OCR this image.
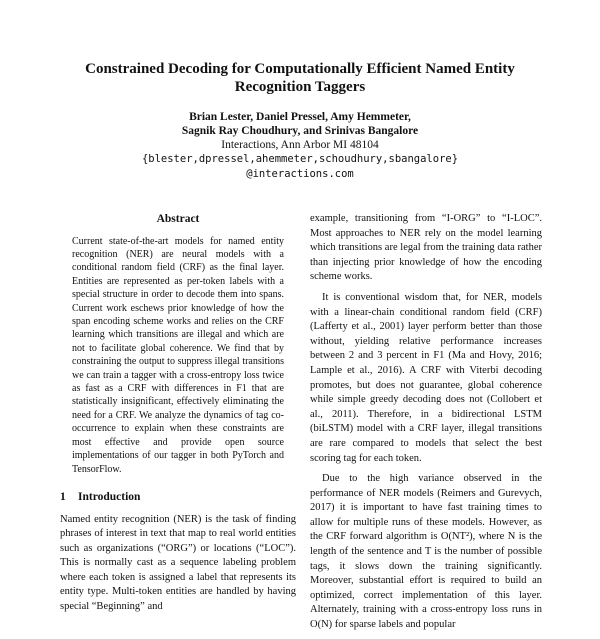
Constrained Decoding for Computationally Efficient Named Entity Recognition Taggers
Brian Lester, Daniel Pressel, Amy Hemmeter,
Sagnik Ray Choudhury, and Srinivas Bangalore
Interactions, Ann Arbor MI 48104
{blester,dpressel,ahemmeter,schoudhury,sbangalore}
@interactions.com
Abstract
Current state-of-the-art models for named entity recognition (NER) are neural models with a conditional random field (CRF) as the final layer. Entities are represented as per-token labels with a special structure in order to decode them into spans. Current work eschews prior knowledge of how the span encoding scheme works and relies on the CRF learning which transitions are illegal and which are not to facilitate global coherence. We find that by constraining the output to suppress illegal transitions we can train a tagger with a cross-entropy loss twice as fast as a CRF with differences in F1 that are statistically insignificant, effectively eliminating the need for a CRF. We analyze the dynamics of tag co-occurrence to explain when these constraints are most effective and provide open source implementations of our tagger in both PyTorch and TensorFlow.
1 Introduction

Named entity recognition (NER) is the task of finding phrases of interest in text that map to real world entities such as organizations (“ORG”) or locations (“LOC”). This is normally cast as a sequence labeling problem where each token is assigned a label that represents its entity type. Multi-token entities are handled by having special “Beginning” and

example, transitioning from “I-ORG” to “I-LOC”. Most approaches to NER rely on the model learning which transitions are legal from the training data rather than injecting prior knowledge of how the encoding scheme works.

It is conventional wisdom that, for NER, models with a linear-chain conditional random field (CRF) (Lafferty et al., 2001) layer perform better than those without, yielding relative performance increases between 2 and 3 percent in F1 (Ma and Hovy, 2016; Lample et al., 2016). A CRF with Viterbi decoding promotes, but does not guarantee, global coherence while simple greedy decoding does not (Collobert et al., 2011). Therefore, in a bidirectional LSTM (biLSTM) model with a CRF layer, illegal transitions are rare compared to models that select the best scoring tag for each token.

Due to the high variance observed in the performance of NER models (Reimers and Gurevych, 2017) it is important to have fast training times to allow for multiple runs of these models. However, as the CRF forward algorithm is O(NT²), where N is the length of the sentence and T is the number of possible tags, it slows down the training significantly. Moreover, substantial effort is required to build an optimized, correct implementation of this layer. Alternately, training with a cross-entropy loss runs in O(N) for sparse labels and popular
